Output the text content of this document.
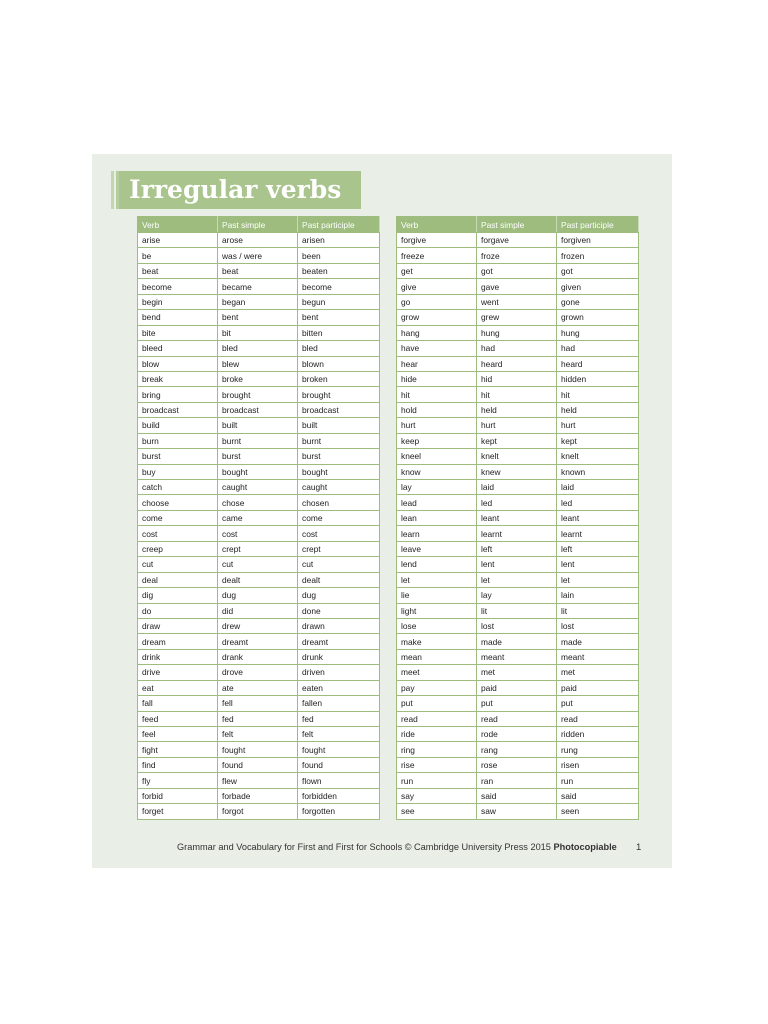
Irregular verbs
Verb	Past simple	Past participle
arise	arose	arisen
be	was / were	been
beat	beat	beaten
become	became	become
begin	began	begun
bend	bent	bent
bite	bit	bitten
bleed	bled	bled
blow	blew	blown
break	broke	broken
bring	brought	brought
broadcast	broadcast	broadcast
build	built	built
burn	burnt	burnt
burst	burst	burst
buy	bought	bought
catch	caught	caught
choose	chose	chosen
come	came	come
cost	cost	cost
creep	crept	crept
cut	cut	cut
deal	dealt	dealt
dig	dug	dug
do	did	done
draw	drew	drawn
dream	dreamt	dreamt
drink	drank	drunk
drive	drove	driven
eat	ate	eaten
fall	fell	fallen
feed	fed	fed
feel	felt	felt
fight	fought	fought
find	found	found
fly	flew	flown
forbid	forbade	forbidden
forget	forgot	forgotten
Verb	Past simple	Past participle
forgive	forgave	forgiven
freeze	froze	frozen
get	got	got
give	gave	given
go	went	gone
grow	grew	grown
hang	hung	hung
have	had	had
hear	heard	heard
hide	hid	hidden
hit	hit	hit
hold	held	held
hurt	hurt	hurt
keep	kept	kept
kneel	knelt	knelt
know	knew	known
lay	laid	laid
lead	led	led
lean	leant	leant
learn	learnt	learnt
leave	left	left
lend	lent	lent
let	let	let
lie	lay	lain
light	lit	lit
lose	lost	lost
make	made	made
mean	meant	meant
meet	met	met
pay	paid	paid
put	put	put
read	read	read
ride	rode	ridden
ring	rang	rung
rise	rose	risen
run	ran	run
say	said	said
see	saw	seen
Grammar and Vocabulary for First and First for Schools © Cambridge University Press 2015 Photocopiable 1
